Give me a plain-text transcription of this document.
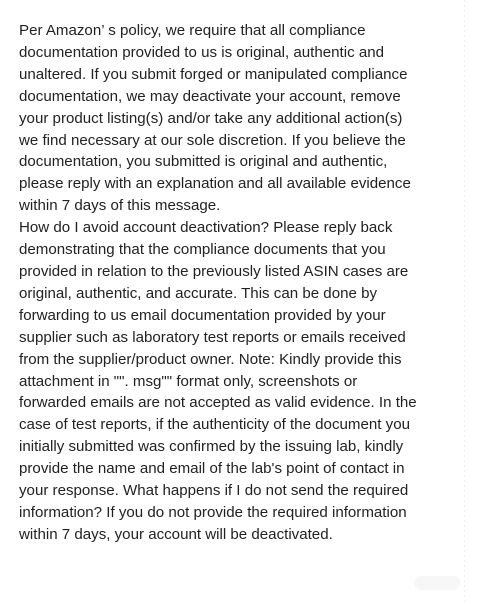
Per Amazon’ s policy, we require that all compliance
documentation provided to us is original, authentic and
unaltered. If you submit forged or manipulated compliance
documentation, we may deactivate your account, remove
your product listing(s) and/or take any additional action(s)
we find necessary at our sole discretion. If you believe the
documentation, you submitted is original and authentic,
please reply with an explanation and all available evidence
within 7 days of this message.

How do I avoid account deactivation? Please reply back
demonstrating that the compliance documents that you
provided in relation to the previously listed ASIN cases are
original, authentic, and accurate. This can be done by
forwarding to us email documentation provided by your
supplier such as laboratory test reports or emails received
from the supplier/product owner. Note: Kindly provide this
attachment in "". msg"" format only, screenshots or
forwarded emails are not accepted as valid evidence. In the
case of test reports, if the authenticity of the document you
initially submitted was confirmed by the issuing lab, kindly
provide the name and email of the lab's point of contact in
your response. What happens if I do not send the required
information? If you do not provide the required information
within 7 days, your account will be deactivated.
